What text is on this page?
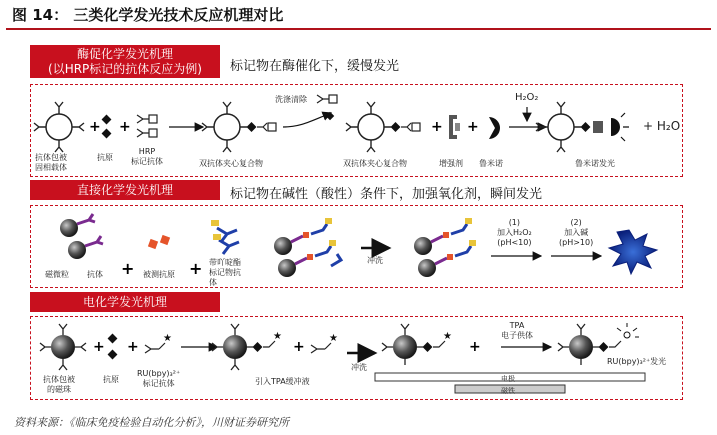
图 14： 三类化学发光技术反应机理对比
酶促化学发光机理
(以HRP标记的抗体反应为例) 标记物在酶催化下，缓慢发光
+ +	+ +
抗体包被
固相载体
抗原
HRP
标记抗体	双抗体夹心复合物
洗涤清除
双抗体夹心复合物	增强剂 鲁米诺
H₂O₂
+ H₂O
鲁米诺发光
直接化学发光机理	标记物在碱性（酸性）条件下，加强氧化剂，瞬间发光
+	+
磁微粒 抗体	被测抗原
带吖啶酯
标记物抗
体
冲洗
(1)
加入H₂O₂
(pH<10)
(2)
加入碱
(pH>10)
电化学发光机理
+ +
★	★
+
★	★
+
抗体包被
的磁珠
抗原
RU(bpy)₃²⁺
标记抗体	引入TPA缓冲液
冲洗
TPA
电子供体
RU(bpy)₃²⁺发光
电极
磁铁
资料来源：《临床免疫检验自动化分析》，川财证券研究所
